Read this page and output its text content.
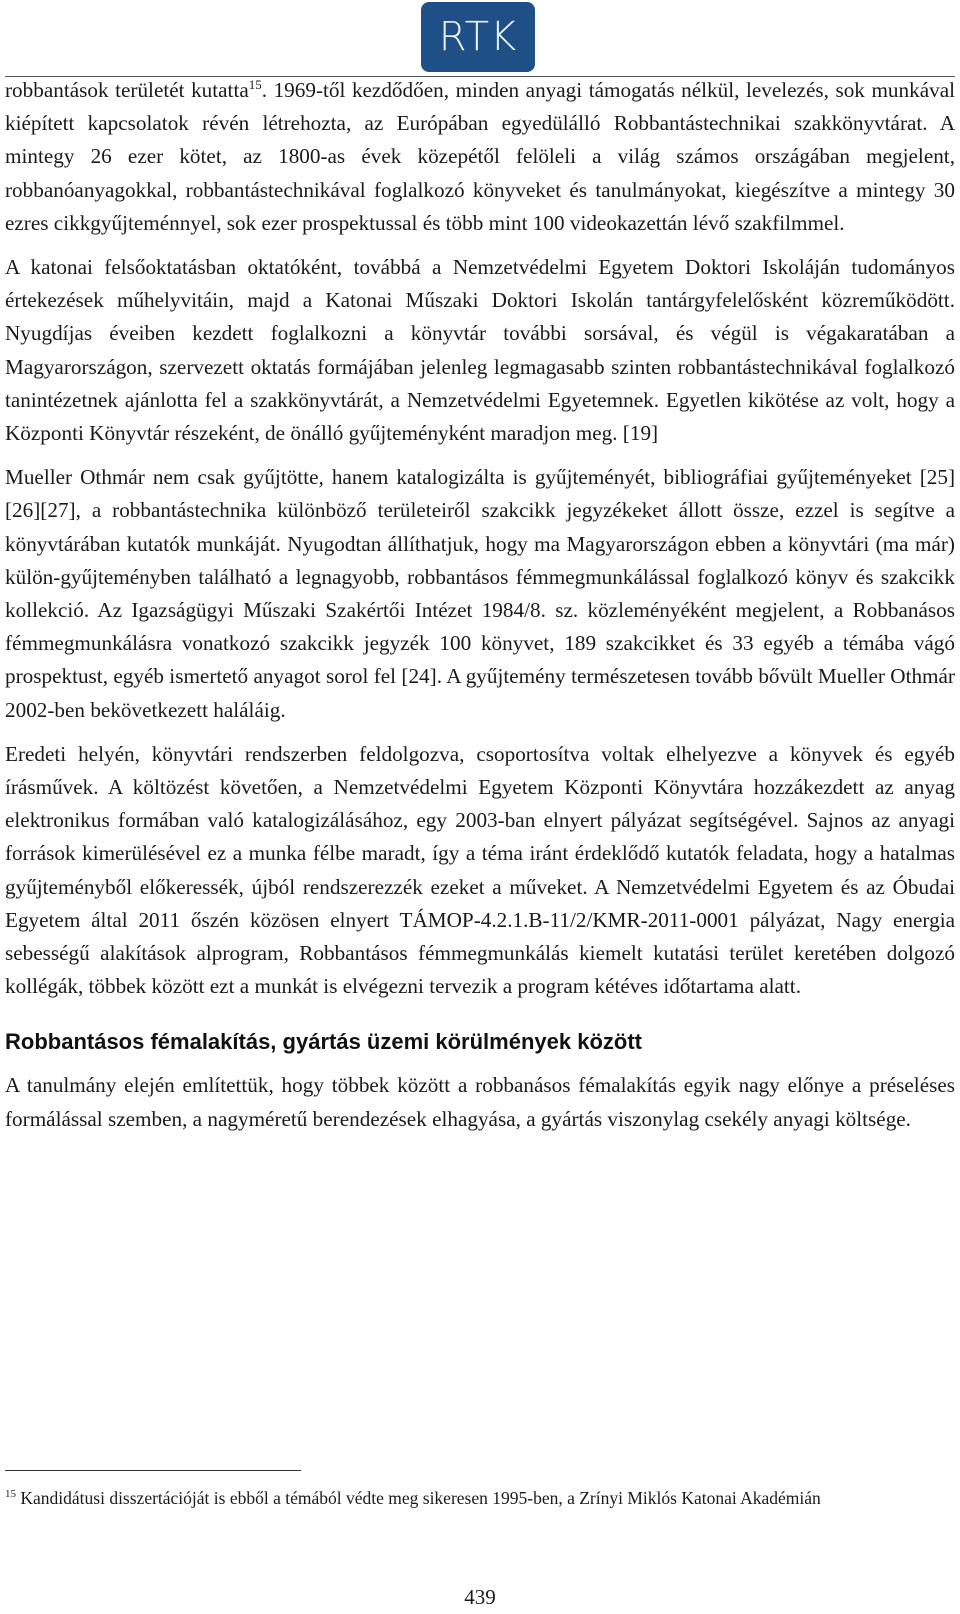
RTK

robbantások területét kutatta$^{15}$. 1969-től kezdődően, minden anyagi támogatás nélkül, levelezés, sok munkával kiépített kapcsolatok révén létrehozta, az Európában egyedülálló Robbantástechnikai szakkönyvtárat. A mintegy 26 ezer kötet, az 1800-as évek közepétől felöleli a világ számos országában megjelent, robbanóanyagokkal, robbantástechnikával foglalkozó könyveket és tanulmányokat, kiegészítve a mintegy 30 ezres cikkgyűjteménnyel, sok ezer prospektussal és több mint 100 videokazettán lévő szakfilmmel.

A katonai felsőoktatásban oktatóként, továbbá a Nemzetvédelmi Egyetem Doktori Iskoláján tudományos értekezések műhelyvitáin, majd a Katonai Műszaki Doktori Iskolán tantárgyfelelősként közreműködött. Nyugdíjas éveiben kezdett foglalkozni a könyvtár további sorsával, és végül is végakaratában a Magyarországon, szervezett oktatás formájában jelenleg legmagasabb szinten robbantástechnikával foglalkozó tanintézetnek ajánlotta fel a szakkönyvtárát, a Nemzetvédelmi Egyetemnek. Egyetlen kikötése az volt, hogy a Központi Könyvtár részeként, de önálló gyűjteményként maradjon meg. [19]

Mueller Othmár nem csak gyűjtötte, hanem katalogizálta is gyűjteményét, bibliográfiai gyűjteményeket [25][26][27], a robbantástechnika különböző területeiről szakcikk jegyzékeket állott össze, ezzel is segítve a könyvtárában kutatók munkáját. Nyugodtan állíthatjuk, hogy ma Magyarországon ebben a könyvtári (ma már) külön-gyűjteményben található a legnagyobb, robbantásos fémmegmunkálással foglalkozó könyv és szakcikk kollekció. Az Igazságügyi Műszaki Szakértői Intézet 1984/8. sz. közleményéként megjelent, a Robbanásos fémmegmunkálásra vonatkozó szakcikk jegyzék 100 könyvet, 189 szakcikket és 33 egyéb a témába vágó prospektust, egyéb ismertető anyagot sorol fel [24]. A gyűjtemény természetesen tovább bővült Mueller Othmár 2002-ben bekövetkezett haláláig.

Eredeti helyén, könyvtári rendszerben feldolgozva, csoportosítva voltak elhelyezve a könyvek és egyéb írásművek. A költözést követően, a Nemzetvédelmi Egyetem Központi Könyvtára hozzákezdett az anyag elektronikus formában való katalogizálásához, egy 2003-ban elnyert pályázat segítségével. Sajnos az anyagi források kimerülésével ez a munka félbe maradt, így a téma iránt érdeklődő kutatók feladata, hogy a hatalmas gyűjteményből előkeressék, újból rendszerezzék ezeket a műveket. A Nemzetvédelmi Egyetem és az Óbudai Egyetem által 2011 őszén közösen elnyert TÁMOP-4.2.1.B-11/2/KMR-2011-0001 pályázat, Nagy energia sebességű alakítások alprogram, Robbantásos fémmegmunkálás kiemelt kutatási terület keretében dolgozó kollégák, többek között ezt a munkát is elvégezni tervezik a program kétéves időtartama alatt.

Robbantásos fémalakítás, gyártás üzemi körülmények között

A tanulmány elején említettük, hogy többek között a robbanásos fémalakítás egyik nagy előnye a préseléses formálással szemben, a nagyméretű berendezések elhagyása, a gyártás viszonylag csekély anyagi költsége.

$^{15}$ Kandidátusi disszertációját is ebből a témából védte meg sikeresen 1995-ben, a Zrínyi Miklós Katonai Akadémián
439
